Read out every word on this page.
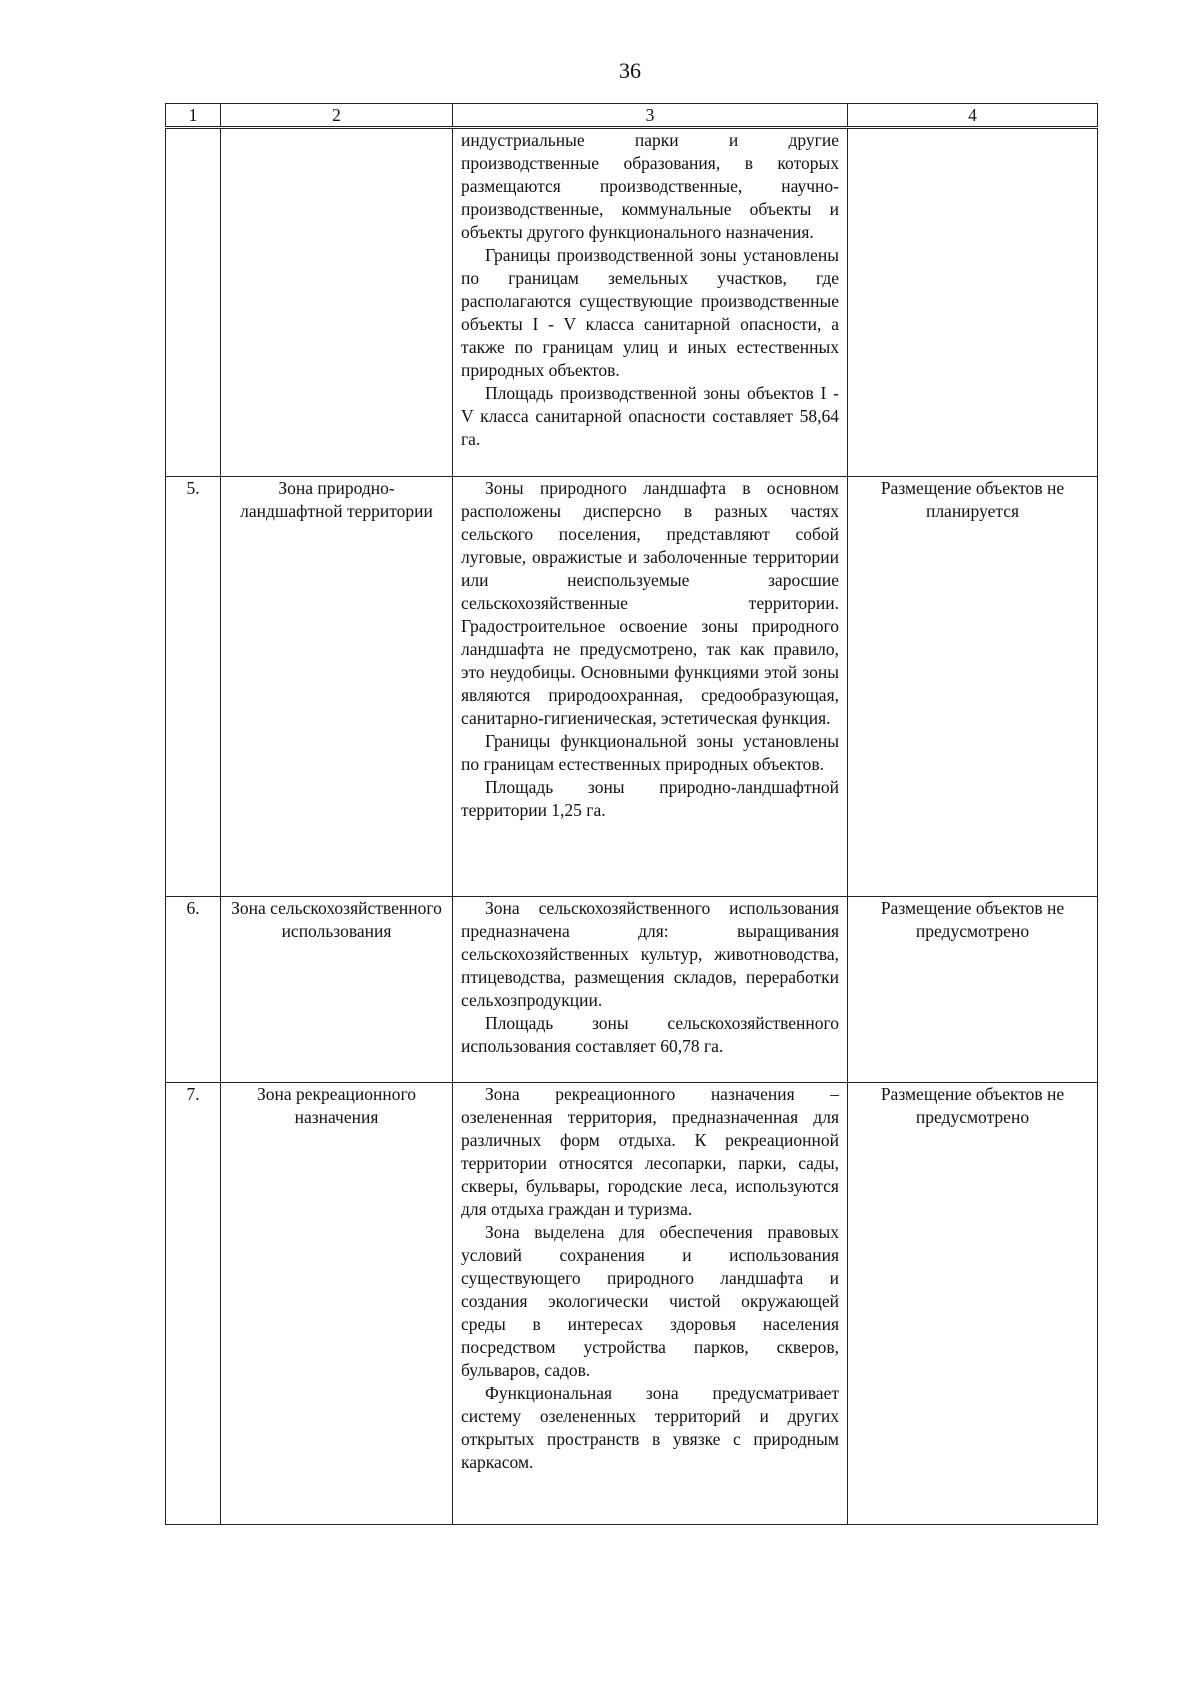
36
1	2	3	4

		индустриальные парки и другие производственные образования, в которых размещаются производственные, научно-производственные, коммунальные объекты и объекты другого функционального назначения.

Границы производственной зоны установлены по границам земельных участков, где располагаются существующие производственные объекты I - V класса санитарной опасности, а также по границам улиц и иных естественных природных объектов.

Площадь производственной зоны объектов I - V класса санитарной опасности составляет 58,64 га.	

5.	Зона природно-ландшафтной территории	Зоны природного ландшафта в основном расположены дисперсно в разных частях сельского поселения, представляют собой луговые, овражистые и заболоченные территории или неиспользуемые заросшие сельскохозяйственные территории. Градостроительное освоение зоны природного ландшафта не предусмотрено, так как правило, это неудобицы. Основными функциями этой зоны являются природоохранная, средообразующая, санитарно-гигиеническая, эстетическая функция.

Границы функциональной зоны установлены по границам естественных природных объектов.

Площадь зоны природно-ландшафтной территории 1,25 га.	Размещение объектов не планируется
6.	Зона сельскохозяйственного использования	Зона сельскохозяйственного использования предназначена для: выращивания сельскохозяйственных культур, животноводства, птицеводства, размещения складов, переработки сельхозпродукции.

Площадь зоны сельскохозяйственного использования составляет 60,78 га.	Размещение объектов не предусмотрено
7.	Зона рекреационного назначения	Зона рекреационного назначения – озелененная территория, предназначенная для различных форм отдыха. К рекреационной территории относятся лесопарки, парки, сады, скверы, бульвары, городские леса, используются для отдыха граждан и туризма.

Зона выделена для обеспечения правовых условий сохранения и использования существующего природного ландшафта и создания экологически чистой окружающей среды в интересах здоровья населения посредством устройства парков, скверов, бульваров, садов.

Функциональная зона предусматривает систему озелененных территорий и других открытых пространств в увязке с природным каркасом.	Размещение объектов не предусмотрено
